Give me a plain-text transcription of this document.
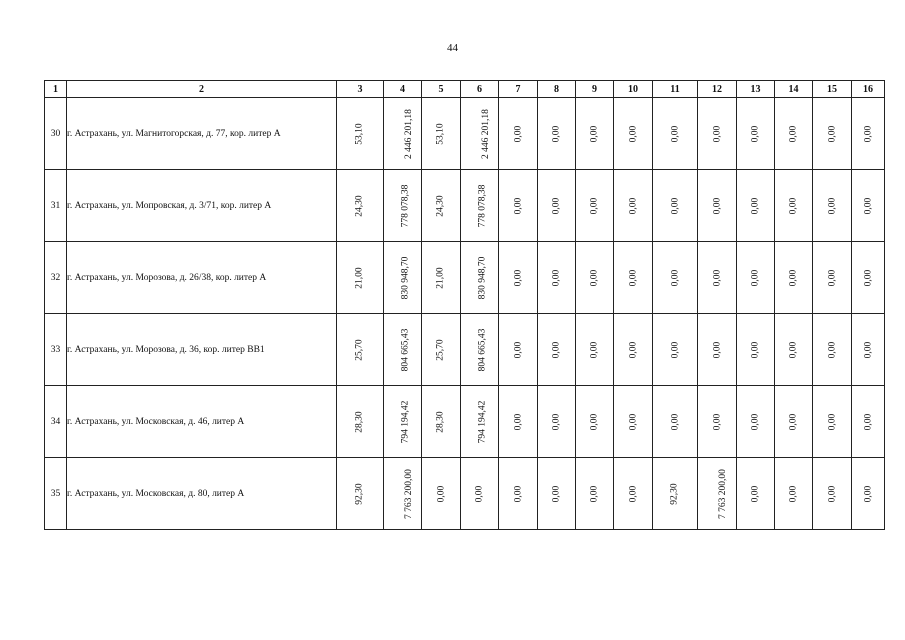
44
1	2	3	4	5	6	7	8	9	10	11	12	13	14	15	16
30	г. Астрахань, ул. Магнитогорская, д. 77, кор. литер А	53,10	2 446 201,18	53,10	2 446 201,18	0,00	0,00	0,00	0,00	0,00	0,00	0,00	0,00	0,00	0,00
31	г. Астрахань, ул. Мопровская, д. 3/71, кор. литер А	24,30	778 078,38	24,30	778 078,38	0,00	0,00	0,00	0,00	0,00	0,00	0,00	0,00	0,00	0,00
32	г. Астрахань, ул. Морозова, д. 26/38, кор. литер А	21,00	830 948,70	21,00	830 948,70	0,00	0,00	0,00	0,00	0,00	0,00	0,00	0,00	0,00	0,00
33	г. Астрахань, ул. Морозова, д. 36, кор. литер ВВ1	25,70	804 665,43	25,70	804 665,43	0,00	0,00	0,00	0,00	0,00	0,00	0,00	0,00	0,00	0,00
34	г. Астрахань, ул. Московская, д. 46, литер А	28,30	794 194,42	28,30	794 194,42	0,00	0,00	0,00	0,00	0,00	0,00	0,00	0,00	0,00	0,00
35	г. Астрахань, ул. Московская, д. 80, литер А	92,30	7 763 200,00	0,00	0,00	0,00	0,00	0,00	0,00	92,30	7 763 200,00	0,00	0,00	0,00	0,00
